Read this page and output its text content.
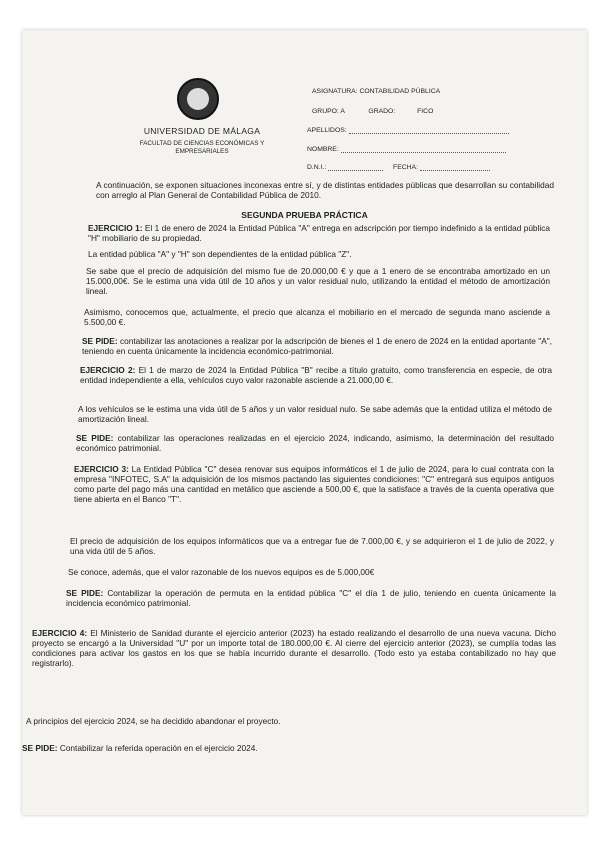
UNIVERSIDAD DE MÁLAGA
FACULTAD DE CIENCIAS ECONÓMICAS Y EMPRESARIALES
ASIGNATURA: CONTABILIDAD PÚBLICA
GRUPO: A	GRADO:	FICO
APELLIDOS:
NOMBRE:
D.N.I.:	FECHA:
A continuación, se exponen situaciones inconexas entre sí, y de distintas entidades públicas que desarrollan su contabilidad con arreglo al Plan General de Contabilidad Pública de 2010.
SEGUNDA PRUEBA PRÁCTICA
EJERCICIO 1: El 1 de enero de 2024 la Entidad Pública "A" entrega en adscripción por tiempo indefinido a la entidad pública "H" mobiliario de su propiedad.
La entidad pública "A" y "H" son dependientes de la entidad pública "Z".
Se sabe que el precio de adquisición del mismo fue de 20.000,00 € y que a 1 enero de se encontraba amortizado en un 15.000,00€. Se le estima una vida útil de 10 años y un valor residual nulo, utilizando la entidad el método de amortización lineal.
Asimismo, conocemos que, actualmente, el precio que alcanza el mobiliario en el mercado de segunda mano asciende a 5.500,00 €.
SE PIDE: contabilizar las anotaciones a realizar por la adscripción de bienes el 1 de enero de 2024 en la entidad aportante "A", teniendo en cuenta únicamente la incidencia económico-patrimonial.
EJERCICIO 2: El 1 de marzo de 2024 la Entidad Pública "B" recibe a título gratuito, como transferencia en especie, de otra entidad independiente a ella, vehículos cuyo valor razonable asciende a 21.000,00 €.
A los vehículos se le estima una vida útil de 5 años y un valor residual nulo. Se sabe además que la entidad utiliza el método de amortización lineal.
SE PIDE: contabilizar las operaciones realizadas en el ejercicio 2024, indicando, asimismo, la determinación del resultado económico patrimonial.
EJERCICIO 3: La Entidad Pública "C" desea renovar sus equipos informáticos el 1 de julio de 2024, para lo cual contrata con la empresa "INFOTEC, S.A" la adquisición de los mismos pactando las siguientes condiciones: "C" entregará sus equipos antiguos como parte del pago más una cantidad en metálico que asciende a 500,00 €, que la satisface a través de la cuenta operativa que tiene abierta en el Banco "T".
El precio de adquisición de los equipos informáticos que va a entregar fue de 7.000,00 €, y se adquirieron el 1 de julio de 2022, y una vida útil de 5 años.
Se conoce, además, que el valor razonable de los nuevos equipos es de 5.000,00€
SE PIDE: Contabilizar la operación de permuta en la entidad pública "C" el día 1 de julio, teniendo en cuenta únicamente la incidencia económico patrimonial.
EJERCICIO 4: El Ministerio de Sanidad durante el ejercicio anterior (2023) ha estado realizando el desarrollo de una nueva vacuna. Dicho proyecto se encargó a la Universidad "U" por un importe total de 180.000,00 €. Al cierre del ejercicio anterior (2023), se cumplía todas las condiciones para activar los gastos en los que se había incurrido durante el desarrollo. (Todo esto ya estaba contabilizado no hay que registrarlo).
A principios del ejercicio 2024, se ha decidido abandonar el proyecto.
SE PIDE: Contabilizar la referida operación en el ejercicio 2024.
